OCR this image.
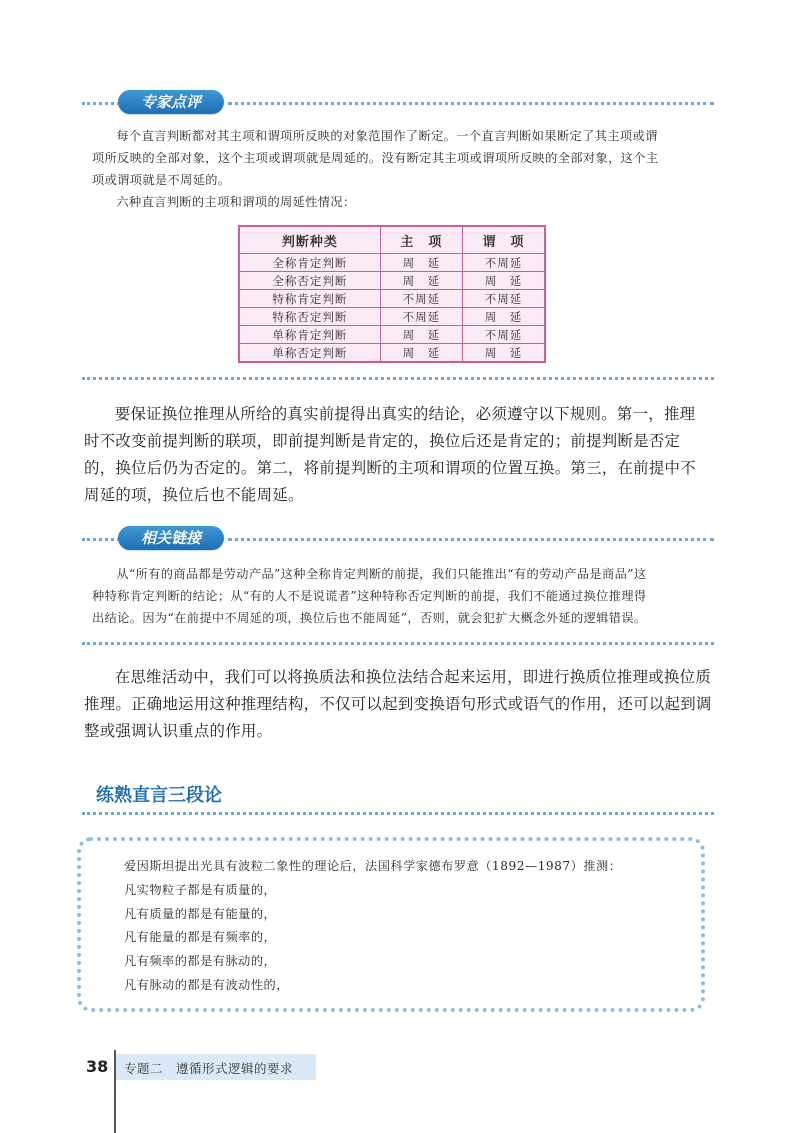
专家点评
每个直言判断都对其主项和谓项所反映的对象范围作了断定。一个直言判断如果断定了其主项或谓
项所反映的全部对象，这个主项或谓项就是周延的。没有断定其主项或谓项所反映的全部对象，这个主
项或谓项就是不周延的。
六种直言判断的主项和谓项的周延性情况：
判断种类	主　项	谓　项
全称肯定判断	周　延	不周延
全称否定判断	周　延	周　延
特称肯定判断	不周延	不周延
特称否定判断	不周延	周　延
单称肯定判断	周　延	不周延
单称否定判断	周　延	周　延
要保证换位推理从所给的真实前提得出真实的结论，必须遵守以下规则。第一，推理
时不改变前提判断的联项，即前提判断是肯定的，换位后还是肯定的；前提判断是否定
的，换位后仍为否定的。第二，将前提判断的主项和谓项的位置互换。第三，在前提中不
周延的项，换位后也不能周延。
相关链接
从“所有的商品都是劳动产品”这种全称肯定判断的前提，我们只能推出“有的劳动产品是商品”这
种特称肯定判断的结论；从“有的人不是说谎者”这种特称否定判断的前提，我们不能通过换位推理得
出结论。因为“在前提中不周延的项，换位后也不能周延”，否则，就会犯扩大概念外延的逻辑错误。
在思维活动中，我们可以将换质法和换位法结合起来运用，即进行换质位推理或换位质
推理。正确地运用这种推理结构，不仅可以起到变换语句形式或语气的作用，还可以起到调
整或强调认识重点的作用。
练熟直言三段论
爱因斯坦提出光具有波粒二象性的理论后，法国科学家德布罗意（1892—1987）推测：
凡实物粒子都是有质量的，
凡有质量的都是有能量的，
凡有能量的都是有频率的，
凡有频率的都是有脉动的，
凡有脉动的都是有波动性的，
38 专题二　遵循形式逻辑的要求
